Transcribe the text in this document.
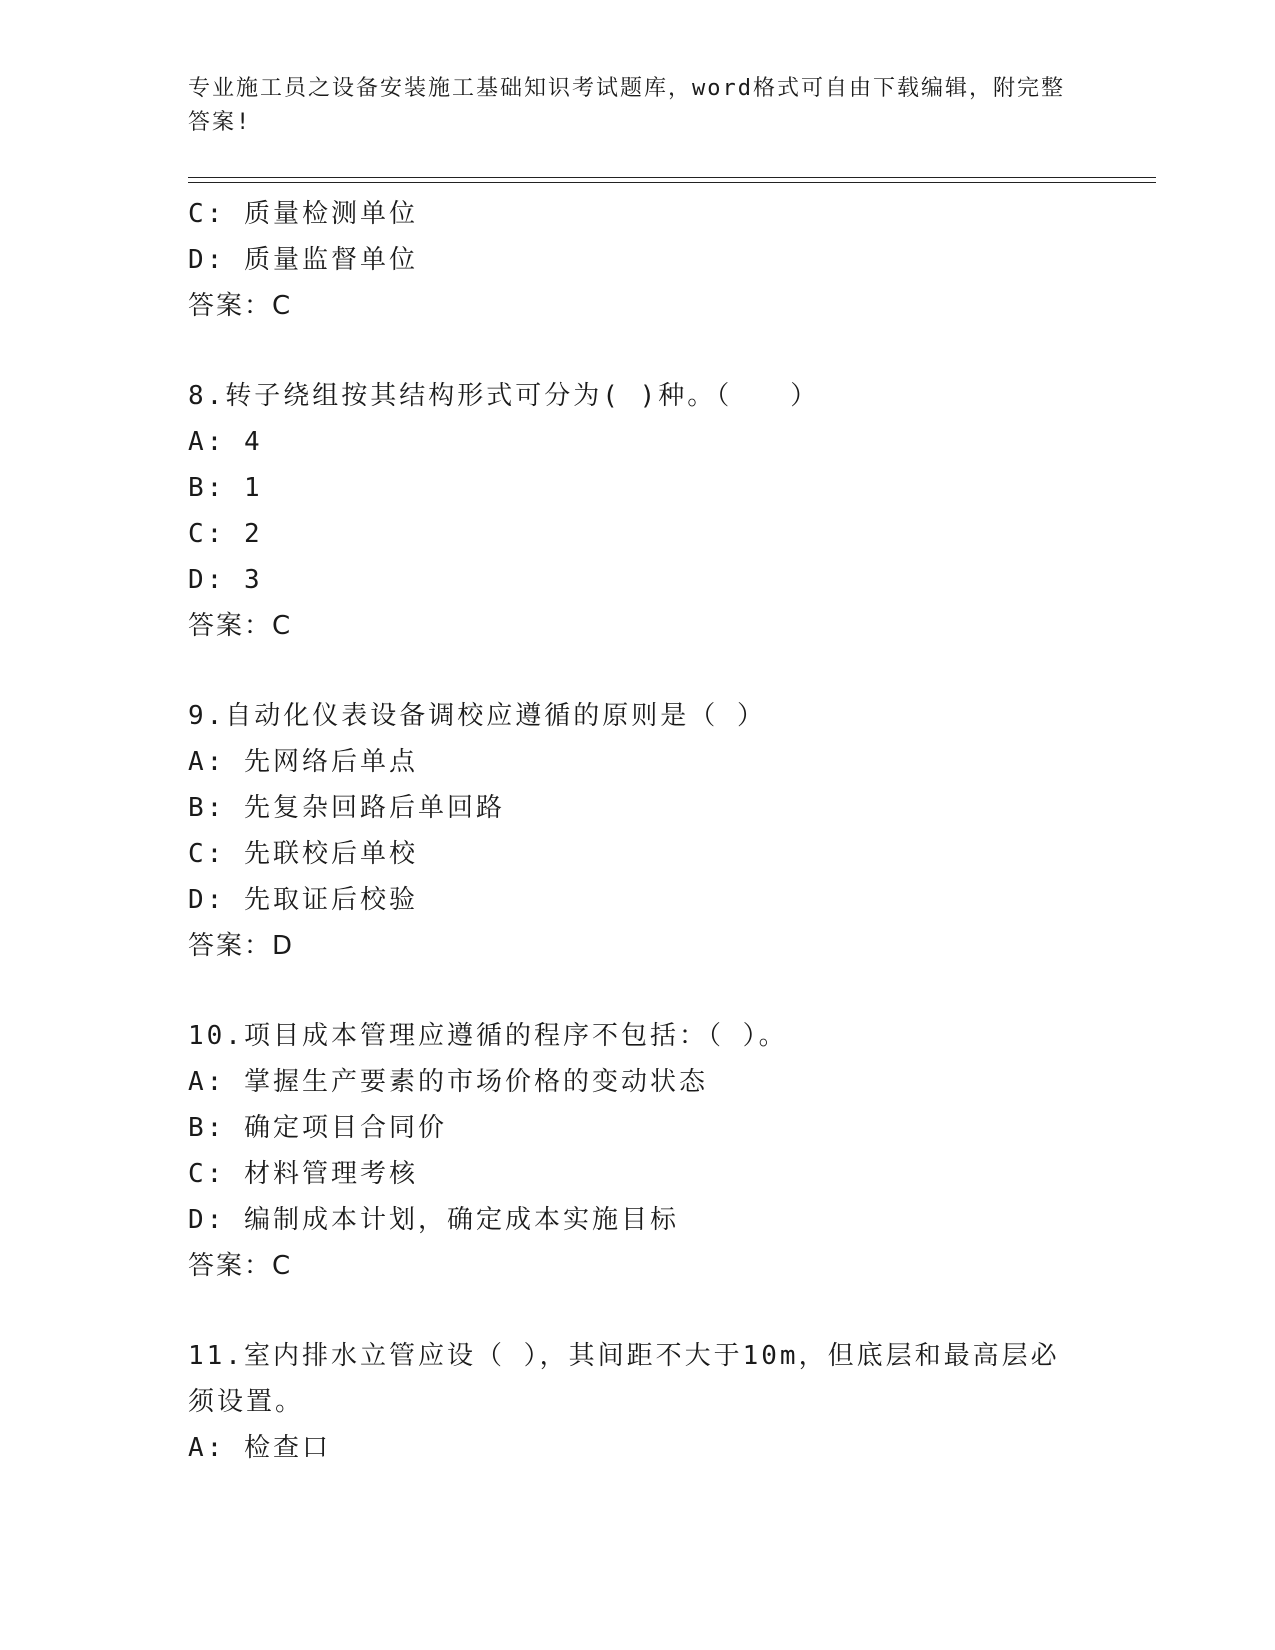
专业施工员之设备安装施工基础知识考试题库，word格式可自由下载编辑，附完整答案!
C: 质量检测单位
D: 质量监督单位
答案：C
8.转子绕组按其结构形式可分为( )种。（　　）
A: 4
B: 1
C: 2
D: 3
答案：C
9.自动化仪表设备调校应遵循的原则是（ ）
A: 先网络后单点
B: 先复杂回路后单回路
C: 先联校后单校
D: 先取证后校验
答案：D
10.项目成本管理应遵循的程序不包括：（ ）。
A: 掌握生产要素的市场价格的变动状态
B: 确定项目合同价
C: 材料管理考核
D: 编制成本计划，确定成本实施目标
答案：C
11.室内排水立管应设（ ），其间距不大于10m，但底层和最高层必须设置。
A: 检查口
